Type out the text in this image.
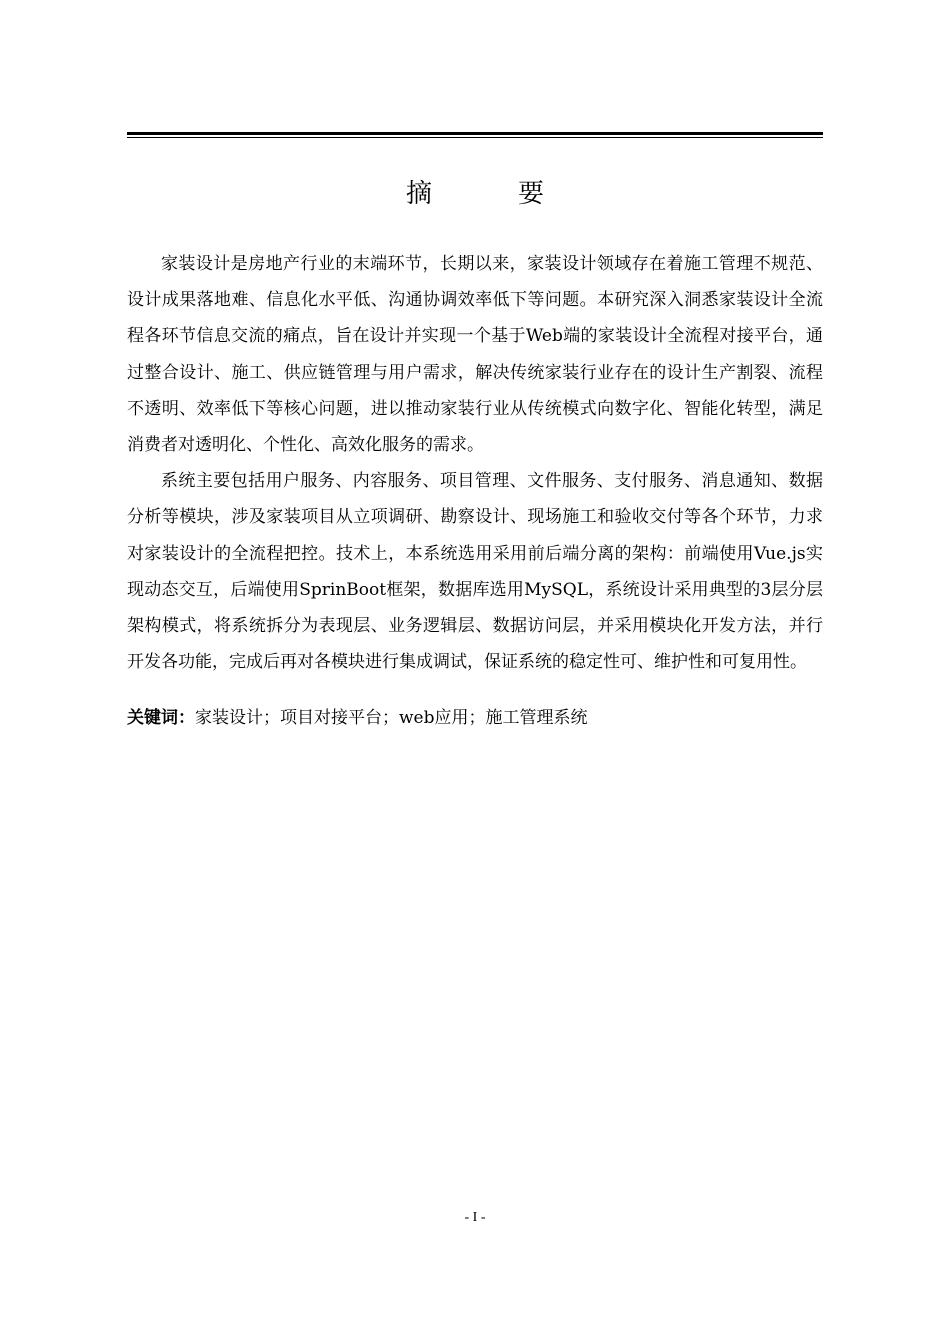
摘　要

家装设计是房地产行业的末端环节，长期以来，家装设计领域存在着施工管理不规范、设计成果落地难、信息化水平低、沟通协调效率低下等问题。本研究深入洞悉家装设计全流程各环节信息交流的痛点，旨在设计并实现一个基于Web端的家装设计全流程对接平台，通过整合设计、施工、供应链管理与用户需求，解决传统家装行业存在的设计生产割裂、流程不透明、效率低下等核心问题，进以推动家装行业从传统模式向数字化、智能化转型，满足消费者对透明化、个性化、高效化服务的需求。

系统主要包括用户服务、内容服务、项目管理、文件服务、支付服务、消息通知、数据分析等模块，涉及家装项目从立项调研、勘察设计、现场施工和验收交付等各个环节，力求对家装设计的全流程把控。技术上，本系统选用采用前后端分离的架构：前端使用Vue.js实现动态交互，后端使用SprinBoot框架，数据库选用MySQL，系统设计采用典型的3层分层架构模式，将系统拆分为表现层、业务逻辑层、数据访问层，并采用模块化开发方法，并行开发各功能，完成后再对各模块进行集成调试，保证系统的稳定性可、维护性和可复用性。

关键词：家装设计；项目对接平台；web应用；施工管理系统
- I -
